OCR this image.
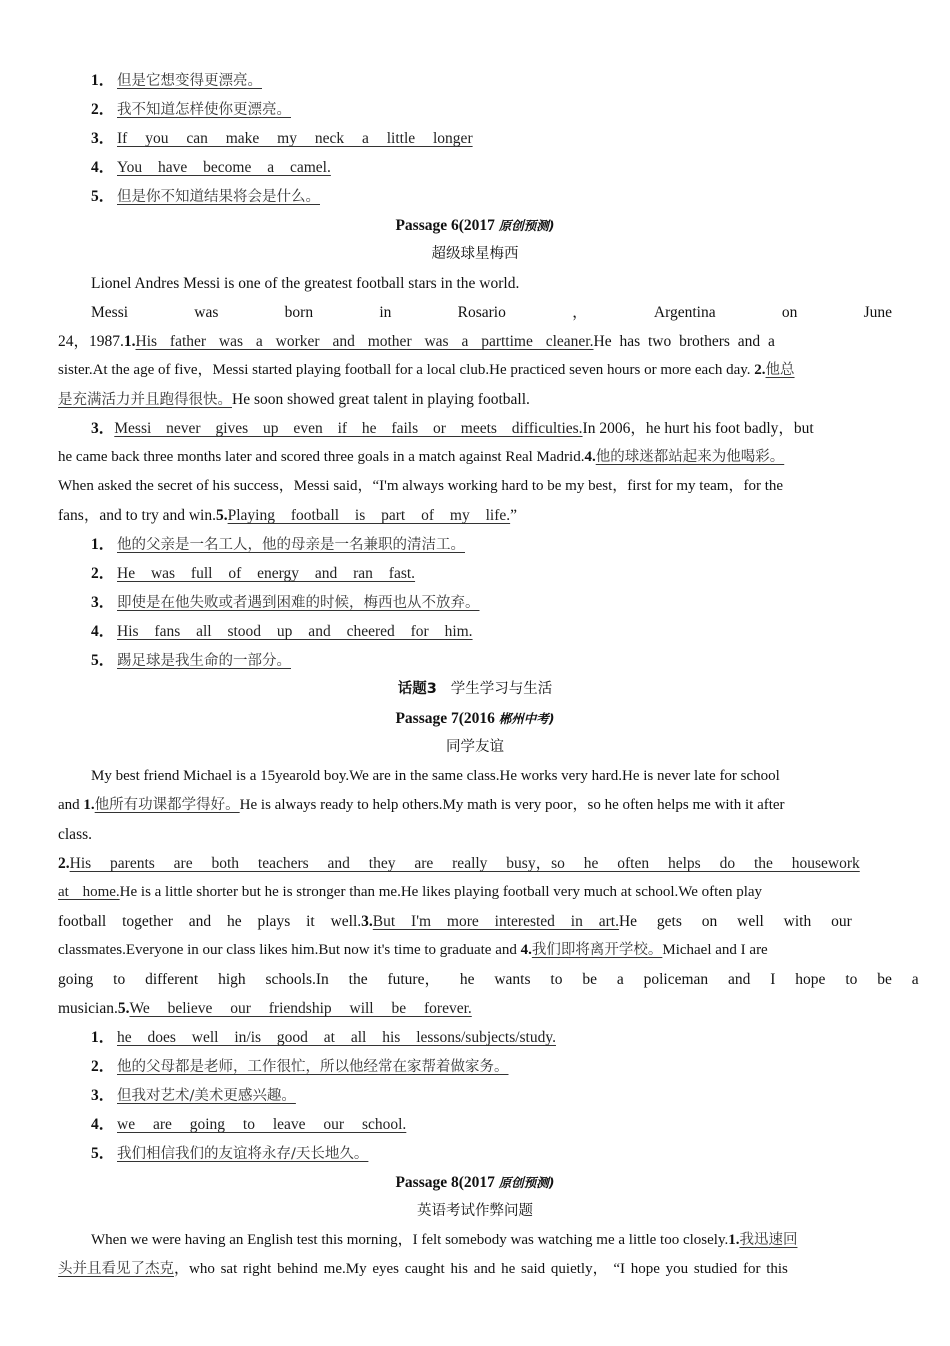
1． 但是它想变得更漂亮。
2． 我不知道怎样使你更漂亮。
3． If you can make my neck a little longer
4． You have become a camel.
5． 但是你不知道结果将会是什么。
Passage 6(2017 原创预测)
超级球星梅西
Lionel Andres Messi is one of the greatest football stars in the world.
Messi	was	born	in	Rosario	，	Argentina	on	June
24，1987.1.His father was a worker and mother was a parttime cleaner.He has two brothers and a
sister.At the age of five，Messi started playing football for a local club.He practiced seven hours or more each day. 2.他总
是充满活力并且跑得很快。He soon showed great talent in playing football.
3．Messi never gives up even if he fails or meets difficulties.In 2006，he hurt his foot badly，but
he came back three months later and scored three goals in a match against Real Madrid.4.他的球迷都站起来为他喝彩。
When asked the secret of his success，Messi said，“I'm always working hard to be my best，first for my team，for the
fans，and to try and win.5.Playing football is part of my life.”
1． 他的父亲是一名工人，他的母亲是一名兼职的清洁工。
2． He was full of energy and ran fast.
3． 即使是在他失败或者遇到困难的时候，梅西也从不放弃。
4． His fans all stood up and cheered for him.
5． 踢足球是我生命的一部分。
话题3 学生学习与生活
Passage 7(2016 郴州中考)
同学友谊
My best friend Michael is a 15yearold boy.We are in the same class.He works very hard.He is never late for school
and 1.他所有功课都学得好。He is always ready to help others.My math is very poor，so he often helps me with it after
class.
2.His parents are both teachers and they are really busy，so he often helps do the housework
at home.He is a little shorter but he is stronger than me.He likes playing football very much at school.We often play
football together and he plays it well.3.But I'm more interested in art.He gets on well with our
classmates.Everyone in our class likes him.But now it's time to graduate and 4.我们即将离开学校。Michael and I are
going to different high schools.In the future， he wants to be a policeman and I hope to be a
musician.5.We believe our friendship will be forever.
1． he does well in/is good at all his lessons/subjects/study.
2． 他的父母都是老师，工作很忙，所以他经常在家帮着做家务。
3． 但我对艺术/美术更感兴趣。
4． we are going to leave our school.
5． 我们相信我们的友谊将永存/天长地久。
Passage 8(2017 原创预测)
英语考试作弊问题
When we were having an English test this morning，I felt somebody was watching me a little too closely.1.我迅速回
头并且看见了杰克，who sat right behind me.My eyes caught his and he said quietly， “I hope you studied for this
